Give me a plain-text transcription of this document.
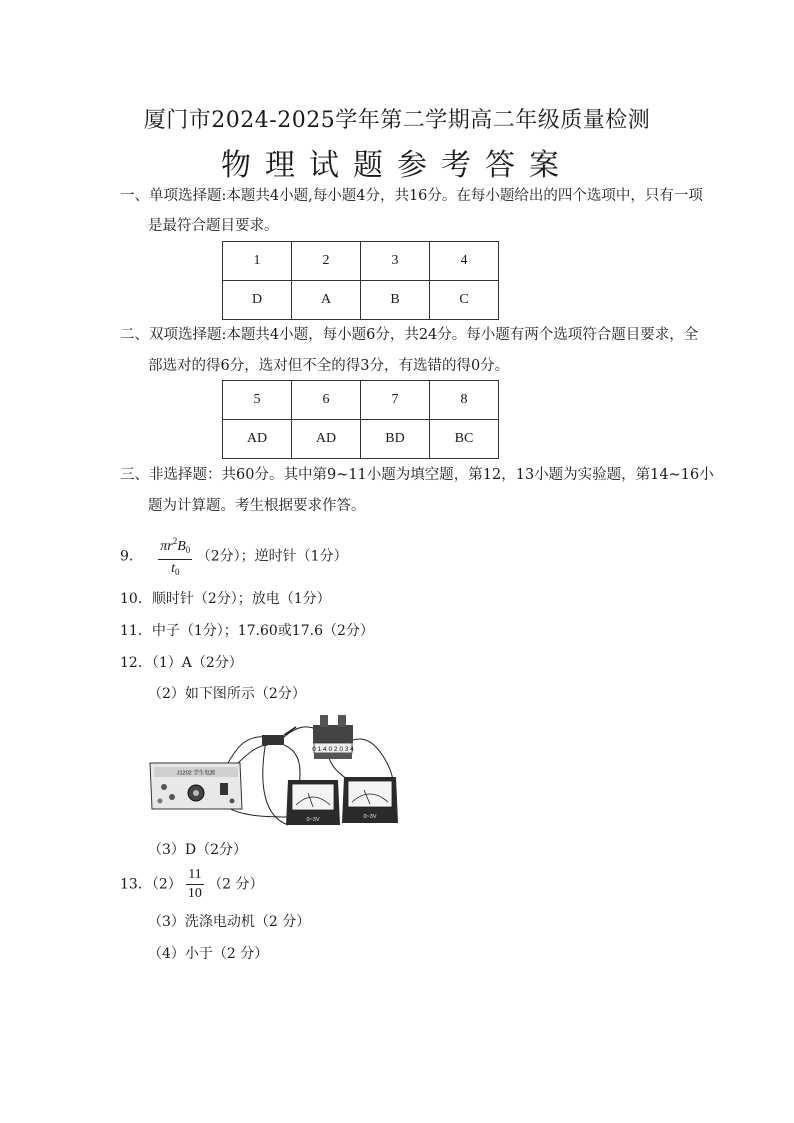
厦门市2024-2025学年第二学期高二年级质量检测
物理试题参考答案
一、单项选择题:本题共4小题,每小题4分，共16分。在每小题给出的四个选项中，只有一项
是最符合题目要求。
1	2	3	4
D	A	B	C
二、双项选择题:本题共4小题，每小题6分，共24分。每小题有两个选项符合题目要求，全
部选对的得6分，选对但不全的得3分，有选错的得0分。
5	6	7	8
AD	AD	BD	BC
三、非选择题：共60分。其中第9~11小题为填空题，第12，13小题为实验题，第14~16小
题为计算题。考生根据要求作答。
9. $\frac{\pi r^2B_0}{t_0} (2$分）；逆时针（1分）
10．顺时针（2分）；放电（1分）
11．中子（1分）；17.60或17.6（2分）
12．（1）A（2分）
（2）如下图所示（2分）
0 1 4 0 2 0 3 4
J1202 学生电源
0~3V	0~3V
（3）D（2分）
13．$(2) \frac{11}{10} (2$ 分）
（3）洗涤电动机（2 分）
（4）小于（2 分）
